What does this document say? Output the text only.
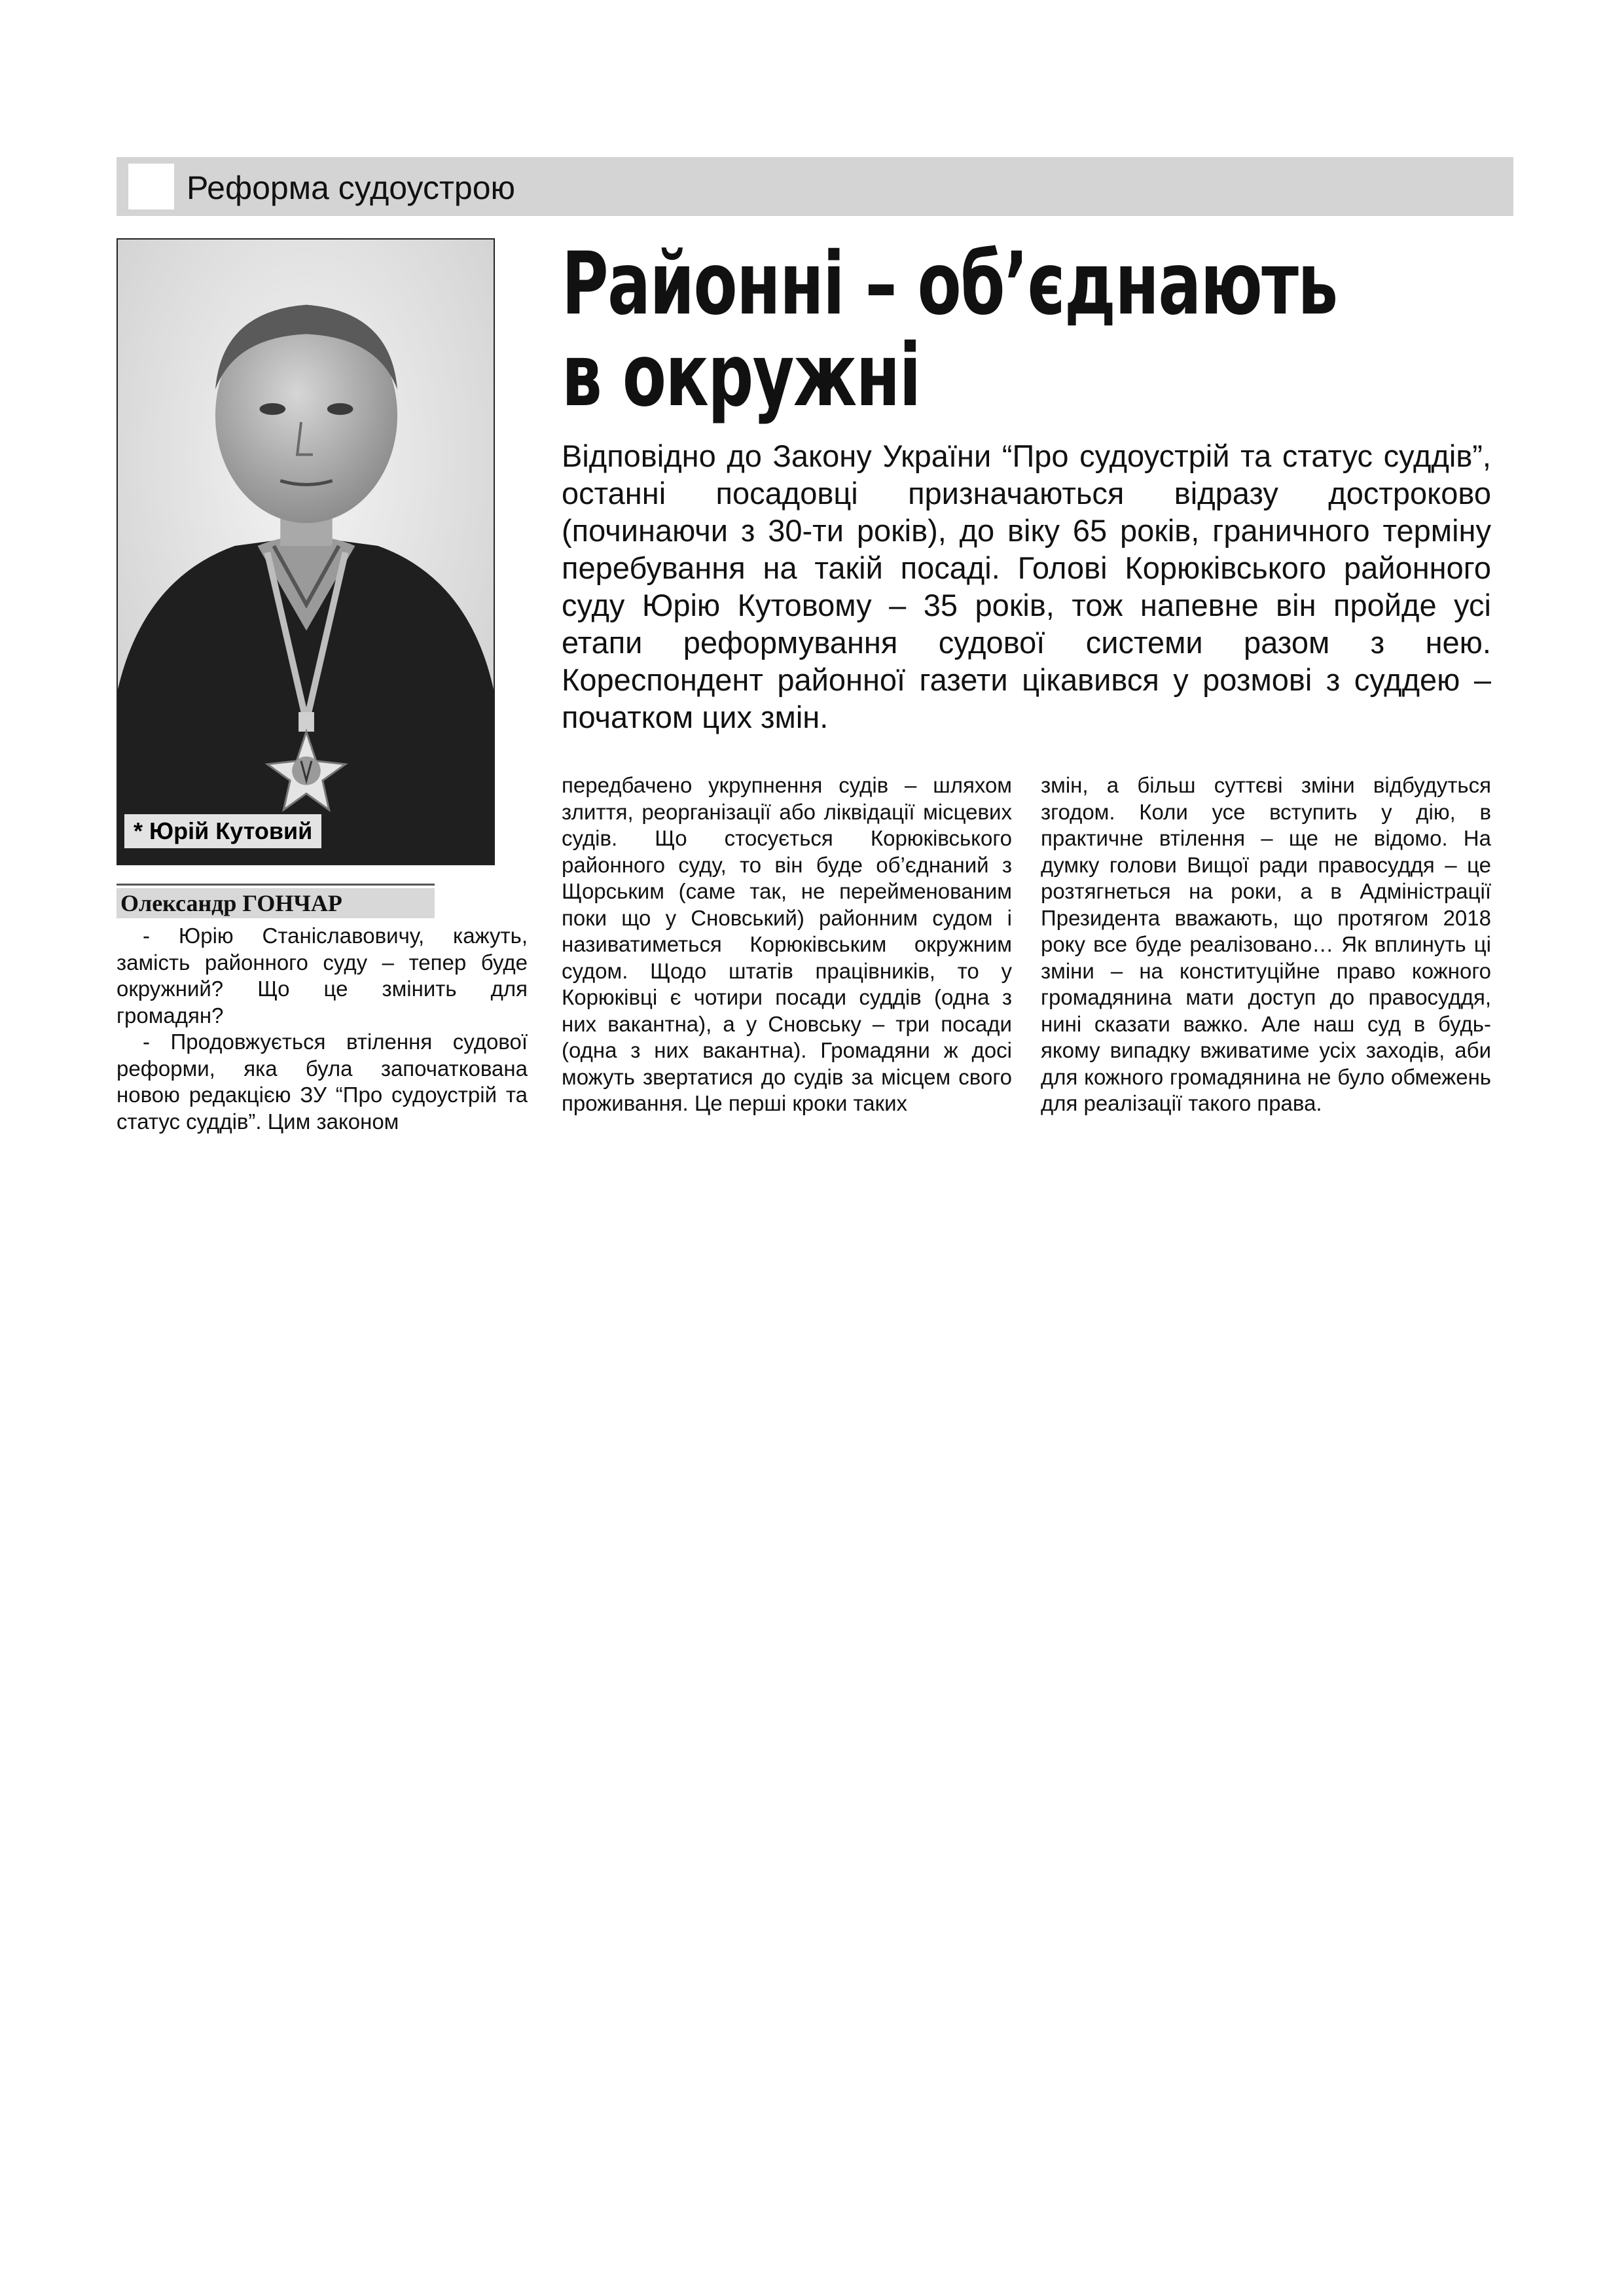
Реформа судоустрою
* Юрій Кутовий
Олександр ГОНЧАР
Районні – об’єднають
в окружні
Відповідно до Закону України “Про судоустрій та статус суддів”, останні посадовці призначаються відразу достроково (починаючи з 30-ти років), до віку 65 років, граничного терміну перебування на такій посаді. Голові Корюківського районного суду Юрію Кутовому – 35 років, тож напевне він пройде усі етапи реформування судової системи разом з нею. Кореспондент районної газети цікавився у розмові з суддею – початком цих змін.

- Юрію Станіславовичу, кажуть, замість районного суду – тепер буде окружний? Що це змінить для громадян?

- Продовжується втілення судової реформи, яка була започаткована новою редакцією ЗУ “Про судоустрій та статус суддів”. Цим законом

передбачено укрупнення судів – шляхом злиття, реорганізації або ліквідації місцевих судів. Що стосується Корюківського районного суду, то він буде об’єднаний з Щорським (саме так, не перейменованим поки що у Сновський) районним судом і називатиметься Корюківським окружним судом. Щодо штатів працівників, то у Корюківці є чотири посади суддів (одна з них вакантна), а у Сновську – три посади (одна з них вакантна). Громадяни ж досі можуть звертатися до судів за місцем свого проживання. Це перші кроки таких

змін, а більш суттєві зміни відбудуться згодом. Коли усе вступить у дію, в практичне втілення – ще не відомо. На думку голови Вищої ради правосуддя – це розтягнеться на роки, а в Адміністрації Президента вважають, що протягом 2018 року все буде реалізовано… Як вплинуть ці зміни – на конституційне право кожного громадянина мати доступ до правосуддя, нині сказати важко. Але наш суд в будь-якому випадку вживатиме усіх заходів, аби для кожного громадянина не було обмежень для реалізації такого права.
